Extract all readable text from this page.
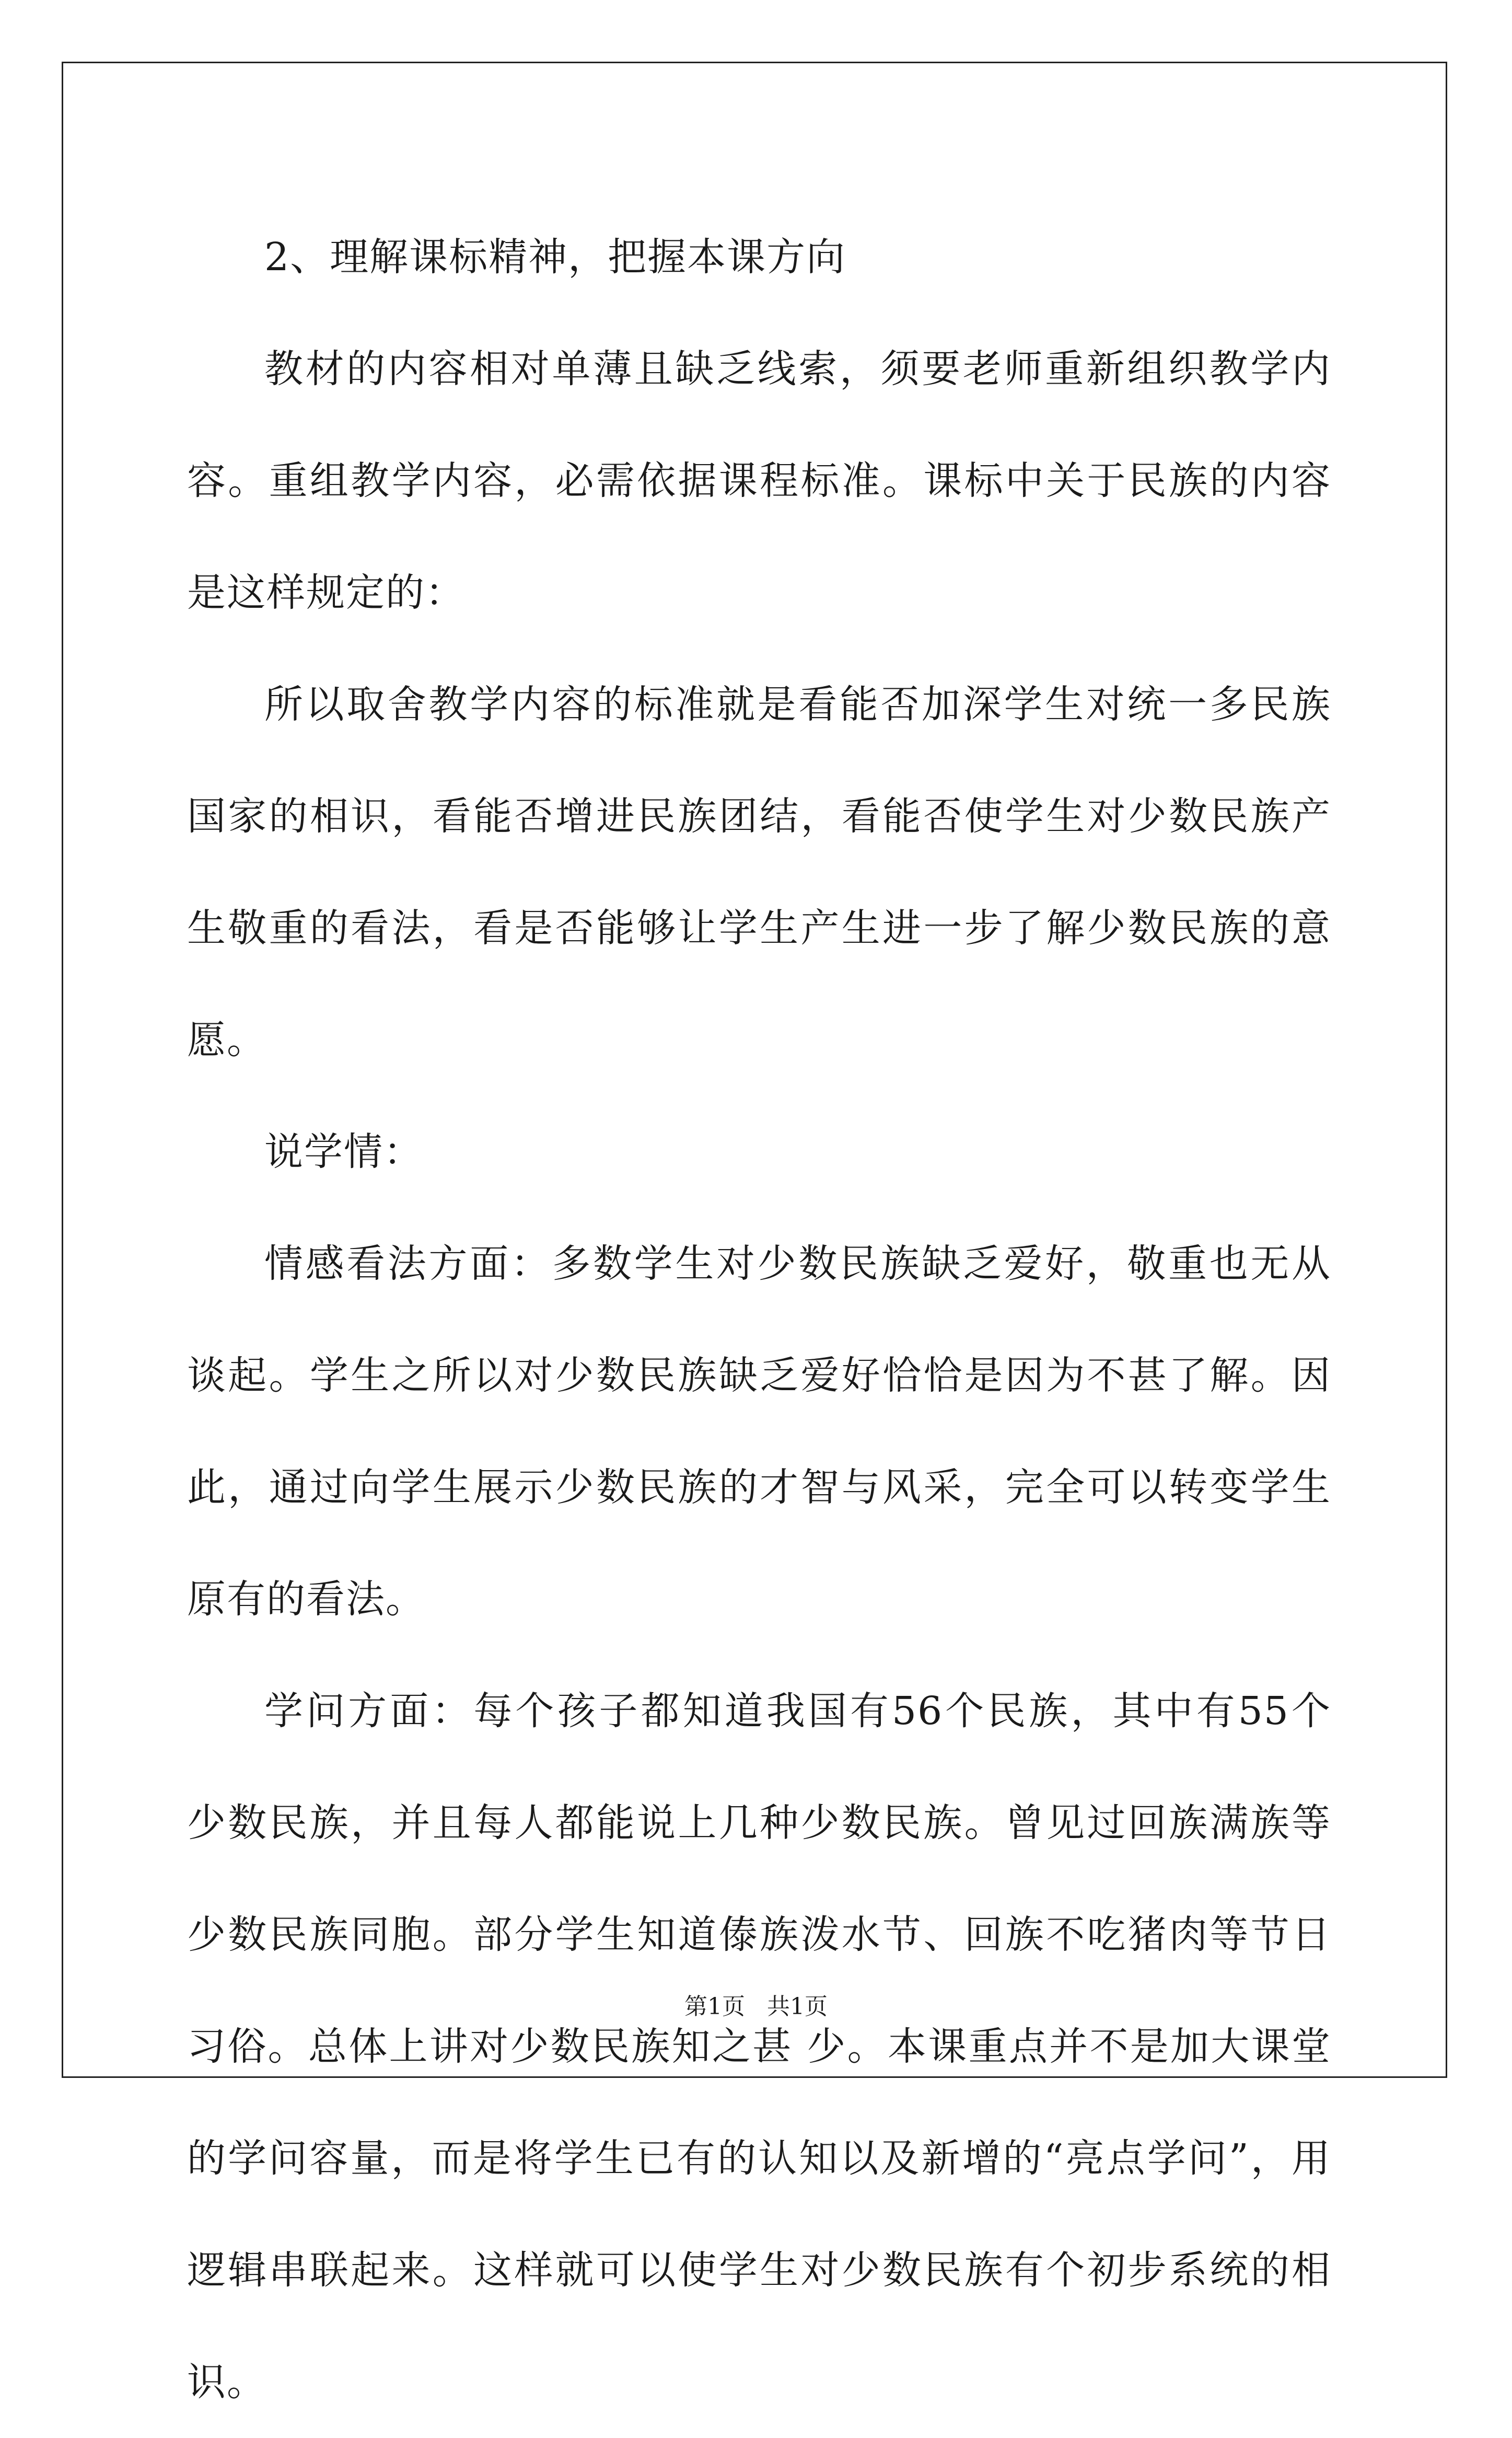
2、理解课标精神，把握本课方向

教材的内容相对单薄且缺乏线索，须要老师重新组织教学内容。重组教学内容，必需依据课程标准。课标中关于民族的内容是这样规定的：

所以取舍教学内容的标准就是看能否加深学生对统一多民族国家的相识，看能否增进民族团结，看能否使学生对少数民族产生敬重的看法，看是否能够让学生产生进一步了解少数民族的意愿。

说学情：

情感看法方面：多数学生对少数民族缺乏爱好，敬重也无从谈起。学生之所以对少数民族缺乏爱好恰恰是因为不甚了解。因此，通过向学生展示少数民族的才智与风采，完全可以转变学生原有的看法。

学问方面：每个孩子都知道我国有56个民族，其中有55个 少数民族，并且每人都能说上几种少数民族。曾见过回族满族等少数民族同胞。部分学生知道傣族泼水节、回族不吃猪肉等节日习俗。总体上讲对少数民族知之甚 少。本课重点并不是加大课堂的学问容量，而是将学生已有的认知以及新增的“亮点学问”，用逻辑串联起来。这样就可以使学生对少数民族有个初步系统的相识。

第1页 共1页
